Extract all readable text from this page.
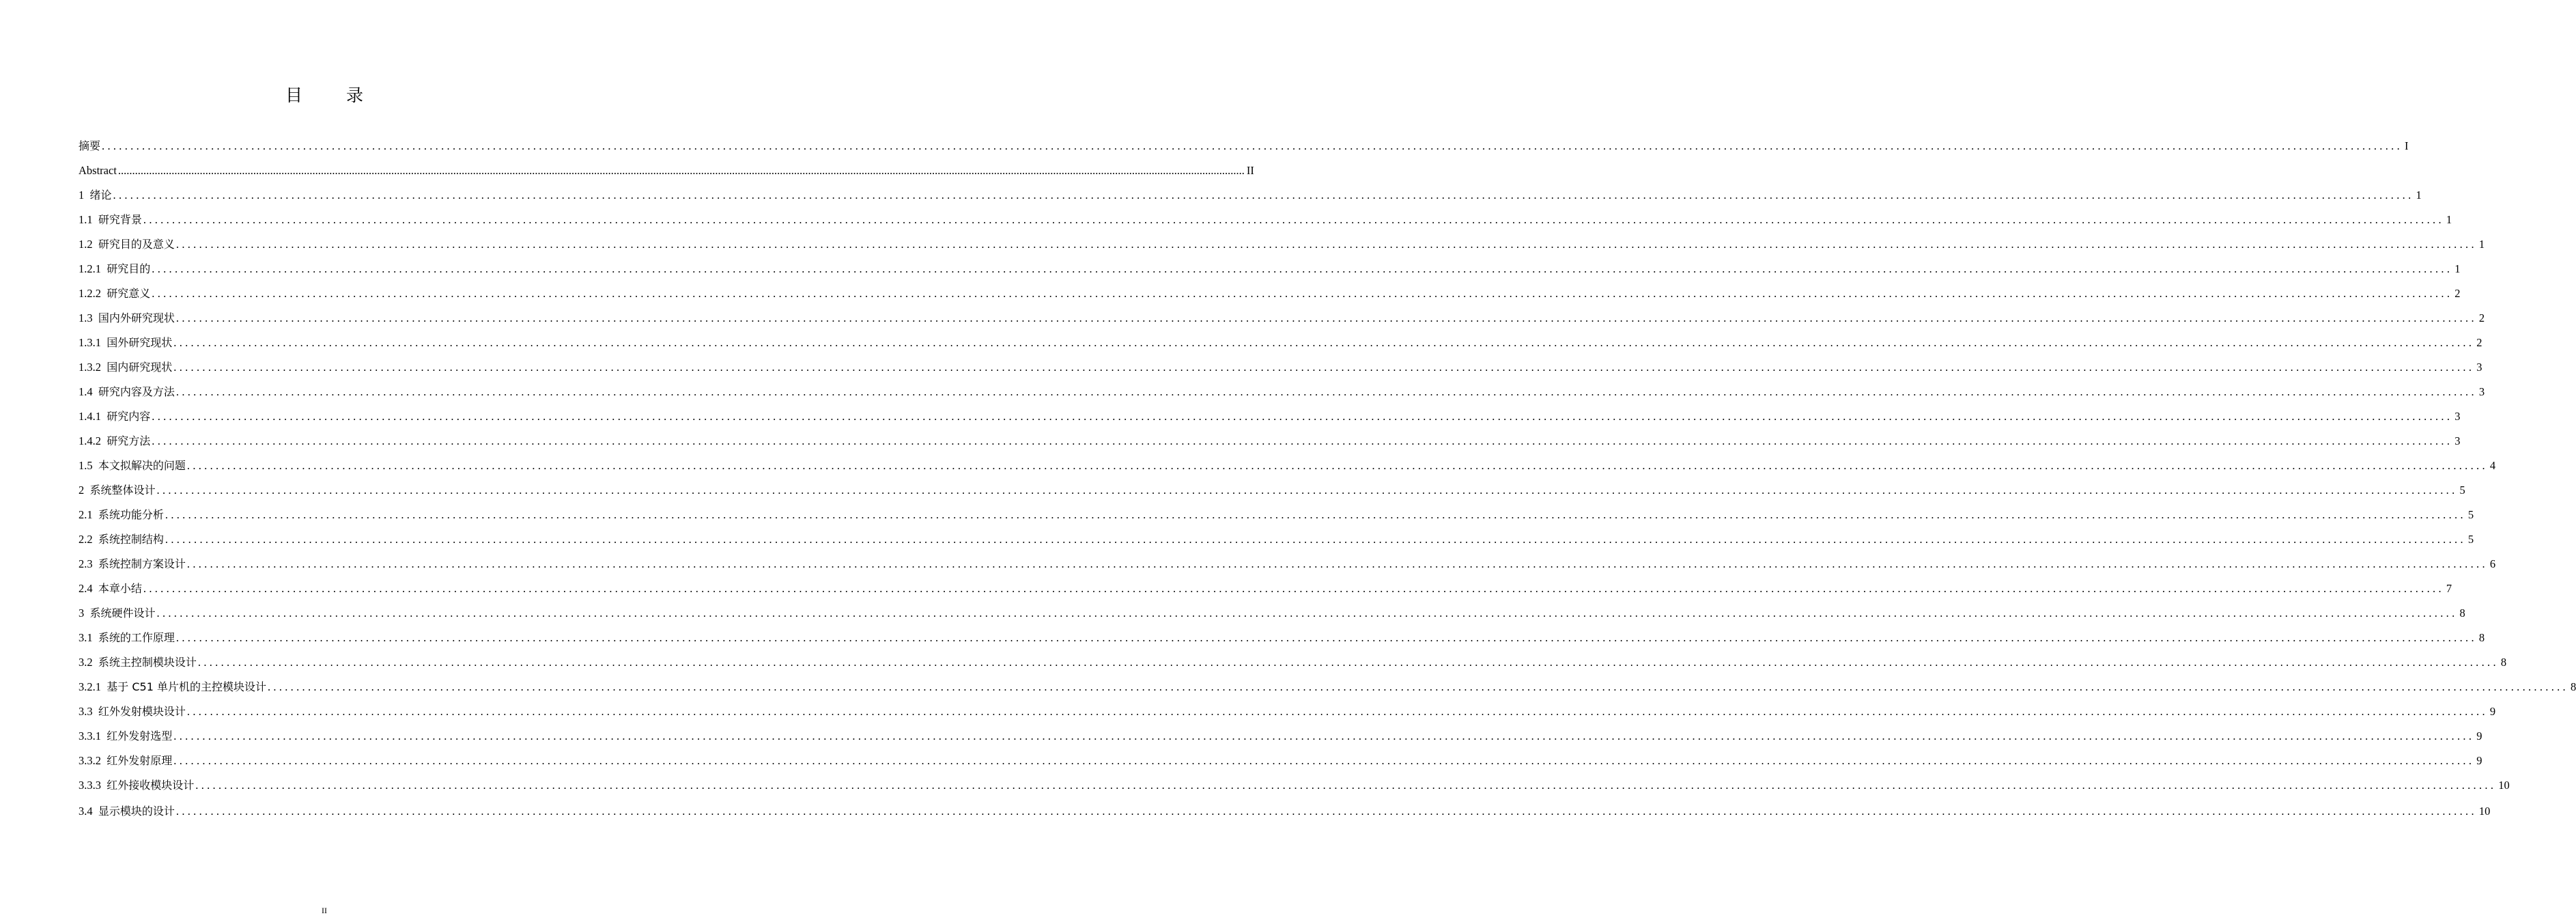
目 录
摘要 ................................................................................................................................................................................................................................................................................................................................................................................................................ I
Abstract ................................................................................................................................................................................................................................................................................................................................................................................................................ II
1 绪论 ................................................................................................................................................................................................................................................................................................................................................................................................................ 1
1.1 研究背景 ................................................................................................................................................................................................................................................................................................................................................................................................................ 1
1.2 研究目的及意义 ................................................................................................................................................................................................................................................................................................................................................................................................................ 1
1.2.1 研究目的 ................................................................................................................................................................................................................................................................................................................................................................................................................ 1
1.2.2 研究意义 ................................................................................................................................................................................................................................................................................................................................................................................................................ 2
1.3 国内外研究现状 ................................................................................................................................................................................................................................................................................................................................................................................................................ 2
1.3.1 国外研究现状 ................................................................................................................................................................................................................................................................................................................................................................................................................ 2
1.3.2 国内研究现状 ................................................................................................................................................................................................................................................................................................................................................................................................................ 3
1.4 研究内容及方法 ................................................................................................................................................................................................................................................................................................................................................................................................................ 3
1.4.1 研究内容 ................................................................................................................................................................................................................................................................................................................................................................................................................ 3
1.4.2 研究方法 ................................................................................................................................................................................................................................................................................................................................................................................................................ 3
1.5 本文拟解决的问题 ................................................................................................................................................................................................................................................................................................................................................................................................................ 4
2 系统整体设计 ................................................................................................................................................................................................................................................................................................................................................................................................................ 5
2.1 系统功能分析 ................................................................................................................................................................................................................................................................................................................................................................................................................ 5
2.2 系统控制结构 ................................................................................................................................................................................................................................................................................................................................................................................................................ 5
2.3 系统控制方案设计 ................................................................................................................................................................................................................................................................................................................................................................................................................ 6
2.4 本章小结 ................................................................................................................................................................................................................................................................................................................................................................................................................ 7
3 系统硬件设计 ................................................................................................................................................................................................................................................................................................................................................................................................................ 8
3.1 系统的工作原理 ................................................................................................................................................................................................................................................................................................................................................................................................................ 8
3.2 系统主控制模块设计 ................................................................................................................................................................................................................................................................................................................................................................................................................ 8
3.2.1 基于 C51 单片机的主控模块设计 ................................................................................................................................................................................................................................................................................................................................................................................................................ 8
3.3 红外发射模块设计 ................................................................................................................................................................................................................................................................................................................................................................................................................ 9
3.3.1 红外发射选型 ................................................................................................................................................................................................................................................................................................................................................................................................................ 9
3.3.2 红外发射原理 ................................................................................................................................................................................................................................................................................................................................................................................................................ 9
3.3.3 红外接收模块设计 ................................................................................................................................................................................................................................................................................................................................................................................................................ 10
3.4 显示模块的设计 ................................................................................................................................................................................................................................................................................................................................................................................................................ 10
II
